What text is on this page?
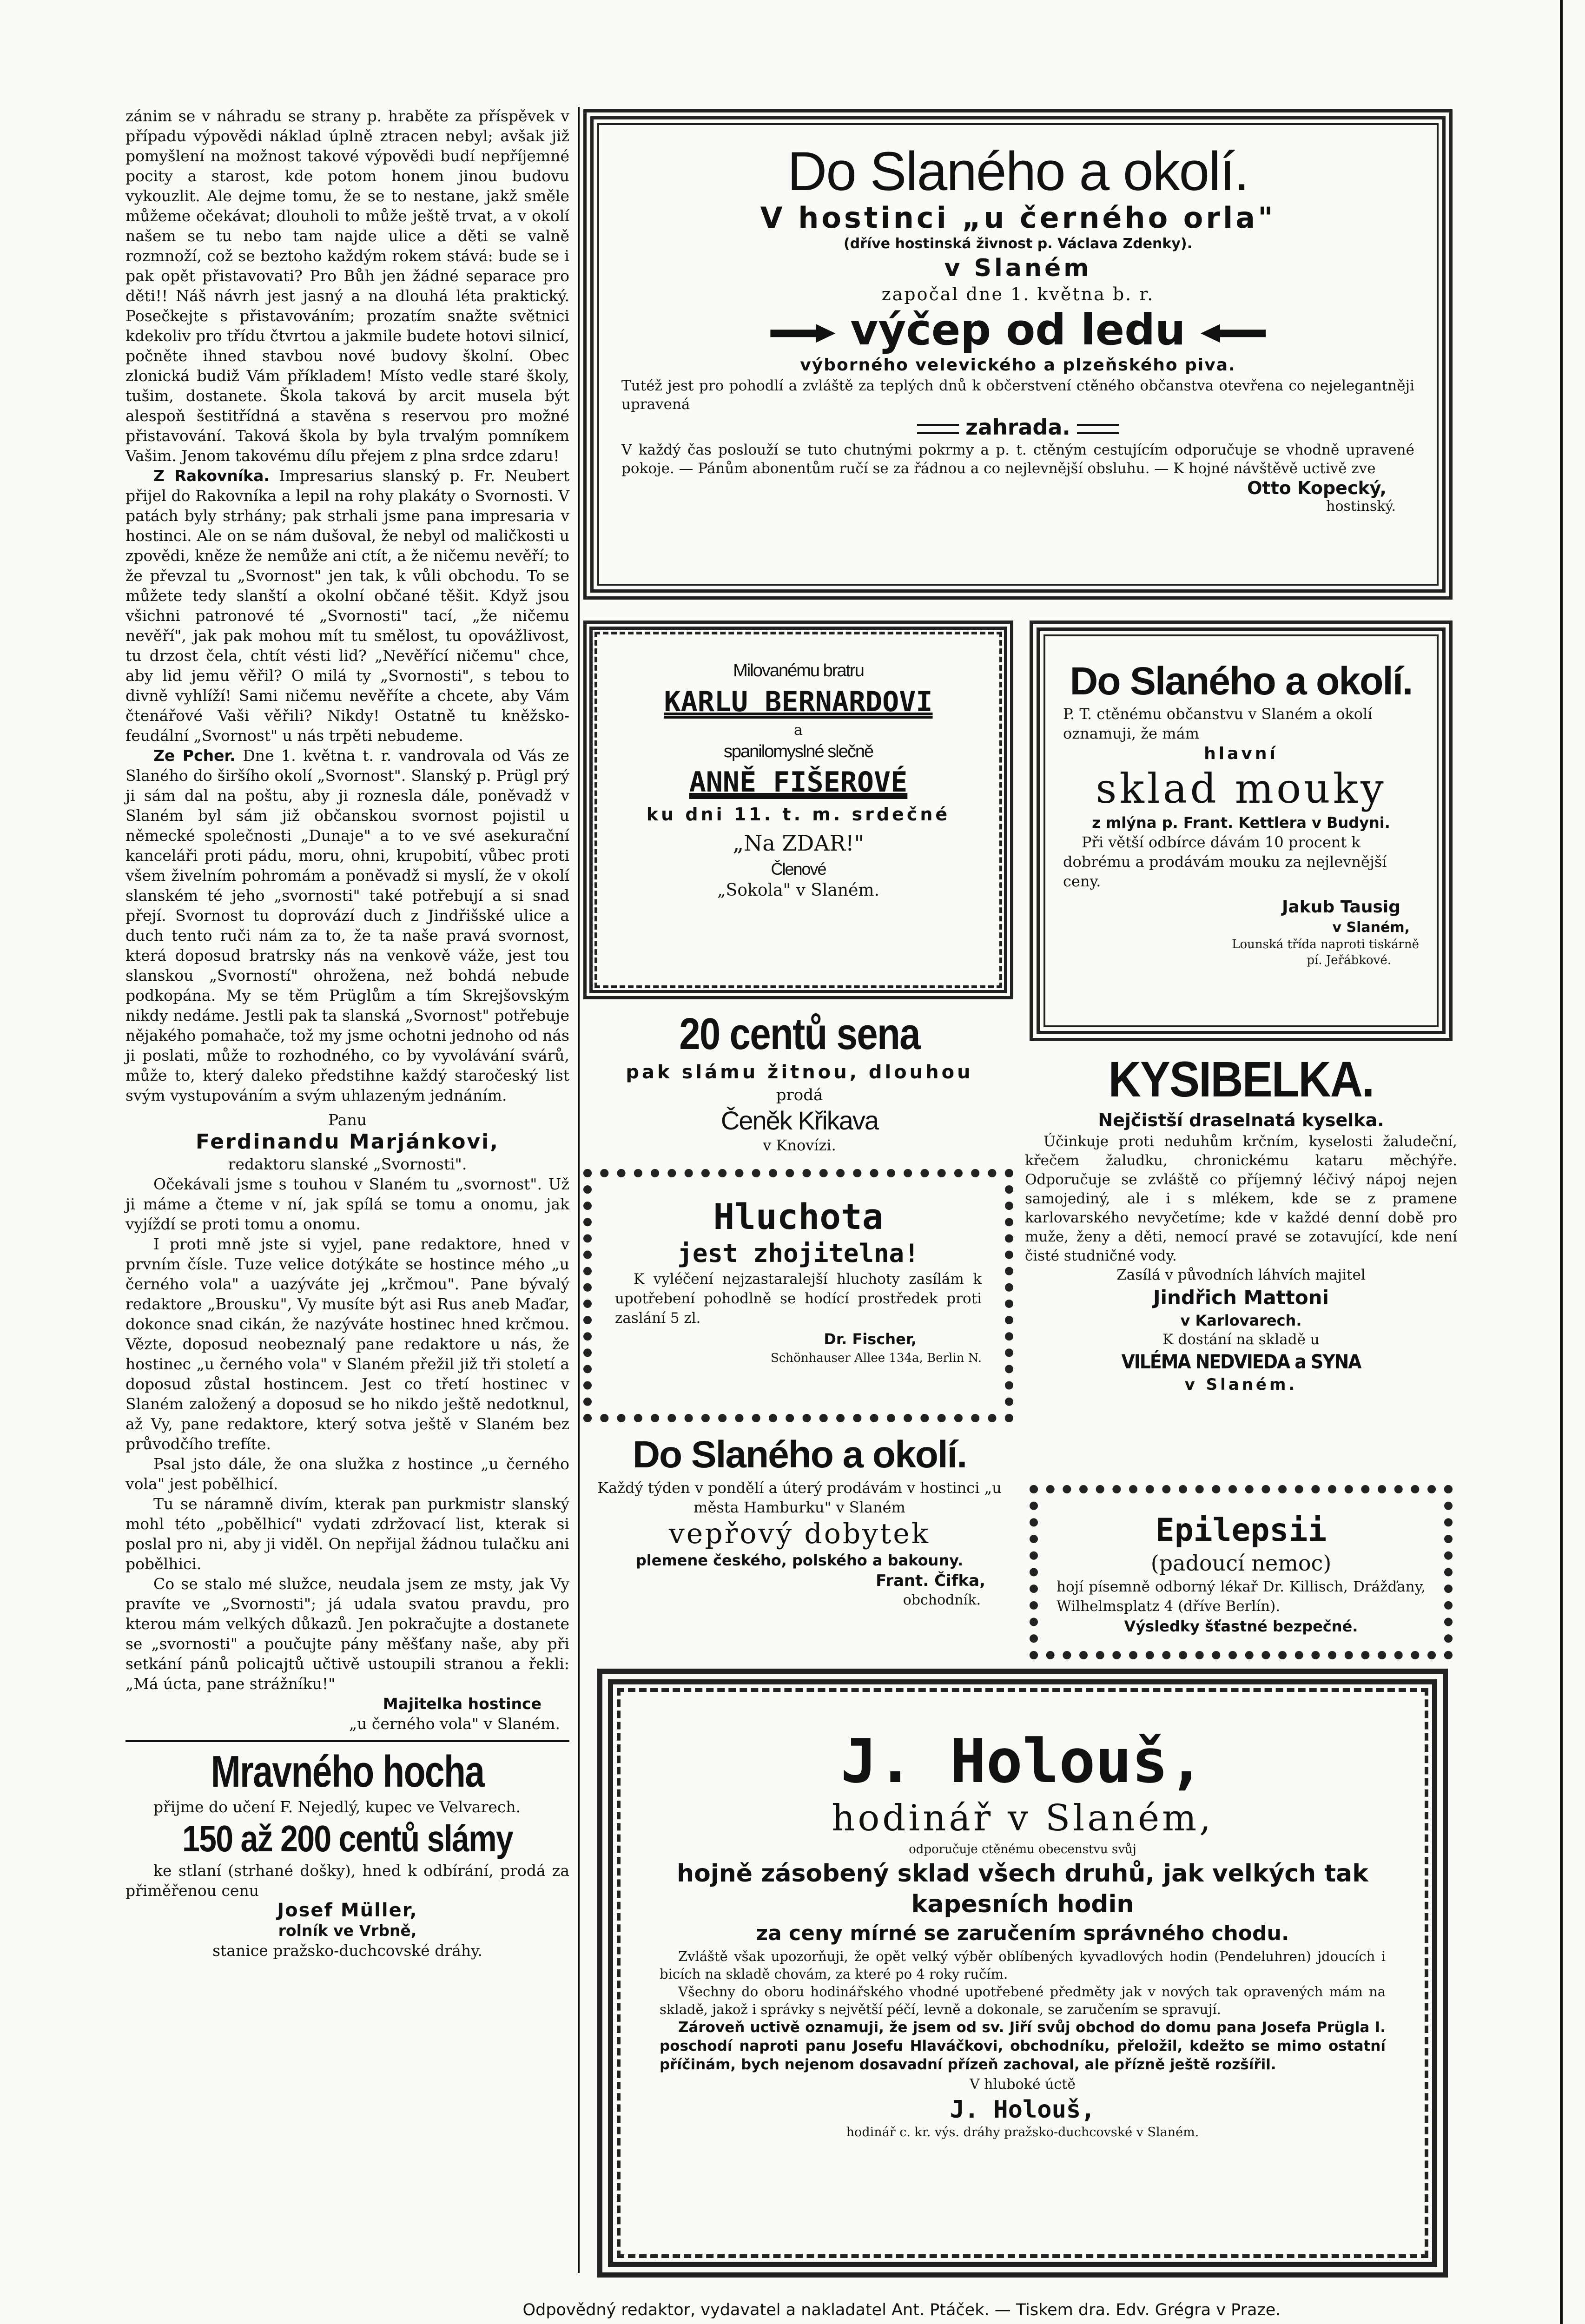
zánim se v náhradu se strany p. hraběte za příspěvek v případu výpovědi náklad úplně ztracen nebyl; avšak již pomyšlení na možnost takové výpovědi budí nepříjemné pocity a starost, kde potom honem jinou budovu vykouzlit. Ale dejme tomu, že se to nestane, jakž směle můžeme očekávat; dlouholi to může ještě trvat, a v okolí našem se tu nebo tam najde ulice a děti se valně rozmnoží, což se beztoho každým rokem stává: bude se i pak opět přistavovati? Pro Bůh jen žádné separace pro děti!! Náš návrh jest jasný a na dlouhá léta praktický. Posečkejte s přistavováním; prozatím snažte světnici kdekoliv pro třídu čtvrtou a jakmile budete hotovi silnicí, počněte ihned stavbou nové budovy školní. Obec zlonická budiž Vám příkladem! Místo vedle staré školy, tušim, dostanete. Škola taková by arcit musela být alespoň šestitřídná a stavěna s reservou pro možné přistavování. Taková škola by byla trvalým pomníkem Vašim. Jenom takovému dílu přejem z plna srdce zdaru!

Z Rakovníka. Impresarius slanský p. Fr. Neubert přijel do Rakovníka a lepil na rohy plakáty o Svornosti. V patách byly strhány; pak strhali jsme pana impresaria v hostinci. Ale on se nám dušoval, že nebyl od maličkosti u zpovědi, kněze že nemůže ani ctít, a že ničemu nevěří; to že převzal tu „Svornost" jen tak, k vůli obchodu. To se můžete tedy slanští a okolní občané těšit. Když jsou všichni patronové té „Svornosti" tací, „že ničemu nevěří", jak pak mohou mít tu smělost, tu opovážlivost, tu drzost čela, chtít vésti lid? „Nevěřící ničemu" chce, aby lid jemu věřil? O milá ty „Svornosti", s tebou to divně vyhlíží! Sami ničemu nevěříte a chcete, aby Vám čtenářové Vaši věřili? Nikdy! Ostatně tu kněžsko-feudální „Svornost" u nás trpěti nebudeme.

Ze Pcher. Dne 1. května t. r. vandrovala od Vás ze Slaného do širšího okolí „Svornost". Slanský p. Prügl prý ji sám dal na poštu, aby ji roznesla dále, poněvadž v Slaném byl sám již občanskou svornost pojistil u německé společnosti „Dunaje" a to ve své asekurační kanceláři proti pádu, moru, ohni, krupobití, vůbec proti všem živelním pohromám a poněvadž si myslí, že v okolí slanském té jeho „svornosti" také potřebují a si snad přejí. Svornost tu doprovází duch z Jindřišské ulice a duch tento ruči nám za to, že ta naše pravá svornost, která doposud bratrsky nás na venkově váže, jest tou slanskou „Svorností" ohrožena, než bohdá nebude podkopána. My se těm Prüglům a tím Skrejšovským nikdy nedáme. Jestli pak ta slanská „Svornost" potřebuje nějakého pomahače, tož my jsme ochotni jednoho od nás ji poslati, může to rozhodného, co by vyvolávání svárů, může to, který daleko předstihne každý staročeský list svým vystupováním a svým uhlazeným jednáním.

Panu

Ferdinandu Marjánkovi,

redaktoru slanské „Svornosti".

Očekávali jsme s touhou v Slaném tu „svornost". Už ji máme a čteme v ní, jak spílá se tomu a onomu, jak vyjíždí se proti tomu a onomu.

I proti mně jste si vyjel, pane redaktore, hned v prvním čísle. Tuze velice dotýkáte se hostince mého „u černého vola" a uazýváte jej „krčmou". Pane bývalý redaktore „Brousku", Vy musíte být asi Rus aneb Maďar, dokonce snad cikán, že nazýváte hostinec hned krčmou. Vězte, doposud neobeznalý pane redaktore u nás, že hostinec „u černého vola" v Slaném přežil již tři století a doposud zůstal hostincem. Jest co třetí hostinec v Slaném založený a doposud se ho nikdo ještě nedotknul, až Vy, pane redaktore, který sotva ještě v Slaném bez průvodčího trefíte.

Psal jsto dále, že ona služka z hostince „u černého vola" jest pobělhicí.

Tu se náramně divím, kterak pan purkmistr slanský mohl této „pobělhicí" vydati zdržovací list, kterak si poslal pro ni, aby ji viděl. On nepřijal žádnou tulačku ani pobělhici.

Co se stalo mé služce, neudala jsem ze msty, jak Vy pravíte ve „Svornosti"; já udala svatou pravdu, pro kterou mám velkých důkazů. Jen pokračujte a dostanete se „svornosti" a poučujte pány měšťany naše, aby při setkání pánů policajtů učtivě ustoupili stranou a řekli: „Má úcta, pane strážníku!"

Majitelka hostince

„u černého vola" v Slaném.

Mravného hocha

přijme do učení F. Nejedlý, kupec ve Velvarech.

150 až 200 centů slámy

ke stlaní (strhané došky), hned k odbírání, prodá za přiměřenou cenu

Josef Müller,

rolník ve Vrbně,

stanice pražsko-duchcovské dráhy.

Do Slaného a okolí.
V hostinci „u černého orla"
(dříve hostinská živnost p. Václava Zdenky).
v Slaném
započal dne 1. května b. r.
výčep od ledu
výborného velevického a plzeňského piva.
Tutéž jest pro pohodlí a zvláště za teplých dnů k občerstvení ctěného občanstva otevřena co nejelegantněji upravená
zahrada.
V každý čas poslouží se tuto chutnými pokrmy a p. t. ctěným cestujícím odporučuje se vhodně upravené pokoje. — Pánům abonentům ručí se za řádnou a co nejlevnější obsluhu. — K hojné návštěvě uctivě zve
Otto Kopecký,
hostinský.
Milovanému bratru
KARLU BERNARDOVI
a
spanilomyslné slečně
ANNĚ FIŠEROVÉ
ku dni 11. t. m. srdečné
„Na ZDAR!"
Členové
„Sokola" v Slaném.
Do Slaného a okolí.
P. T. ctěnému občanstvu v Slaném a okolí oznamuji, že mám
hlavní
sklad mouky
z mlýna p. Frant. Kettlera v Budyni.
Při větší odbírce dávám 10 procent k dobrému a prodávám mouku za nejlevnější ceny.
Jakub Tausig
v Slaném,
Lounská třída naproti tiskárně
pí. Jeřábkové.
20 centů sena
pak slámu žitnou, dlouhou
prodá
Čeněk Křikava
v Knovízi.
Hluchota
jest zhojitelna!
K vyléčení nejzastaralejší hluchoty zasílám k upotřebení pohodlně se hodící prostředek proti zaslání 5 zl.
Dr. Fischer,
Schönhauser Allee 134a, Berlin N.
Do Slaného a okolí.
Každý týden v pondělí a úterý prodávám v hostinci „u města Hamburku" v Slaném
vepřový dobytek
plemene českého, polského a bakouny.
Frant. Čifka,
obchodník.
KYSIBELKA.
Nejčistší draselnatá kyselka.
Účinkuje proti neduhům krčním, kyselosti žaludeční, křečem žaludku, chronickému kataru měchýře. Odporučuje se zvláště co příjemný léčivý nápoj nejen samojediný, ale i s mlékem, kde se z pramene karlovarského nevyčetíme; kde v každé denní době pro muže, ženy a děti, nemocí pravé se zotavující, kde není čisté studničné vody.
Zasílá v původních láhvích majitel
Jindřich Mattoni
v Karlovarech.
K dostání na skladě u
VILÉMA NEDVIEDA a SYNA
v Slaném.
Epilepsii
(padoucí nemoc)
hojí písemně odborný lékař Dr. Killisch, Drážďany, Wilhelmsplatz 4 (dříve Berlín).
Výsledky šťastné bezpečné.
J. Holouš,
hodinář v Slaném,
odporučuje ctěnému obecenstvu svůj
hojně zásobený sklad všech druhů, jak velkých tak
kapesních hodin
za ceny mírné se zaručením správného chodu.
Zvláště však upozorňuji, že opět velký výběr oblíbených kyvadlových hodin (Pendeluhren) jdoucích i bicích na skladě chovám, za které po 4 roky ručím.
Všechny do oboru hodinářského vhodné upotřebené předměty jak v nových tak opravených mám na skladě, jakož i správky s největší péčí, levně a dokonale, se zaručením se spravují.
Zároveň uctivě oznamuji, že jsem od sv. Jiří svůj obchod do domu pana Josefa Prügla I. poschodí naproti panu Josefu Hlaváčkovi, obchodníku, přeložil, kdežto se mimo ostatní příčinám, bych nejenom dosavadní přízeň zachoval, ale přízně ještě rozšířil.
V hluboké úctě
J. Holouš,
hodinář c. kr. výs. dráhy pražsko-duchcovské v Slaném.
Odpovědný redaktor, vydavatel a nakladatel Ant. Ptáček. — Tiskem dra. Edv. Grégra v Praze.
